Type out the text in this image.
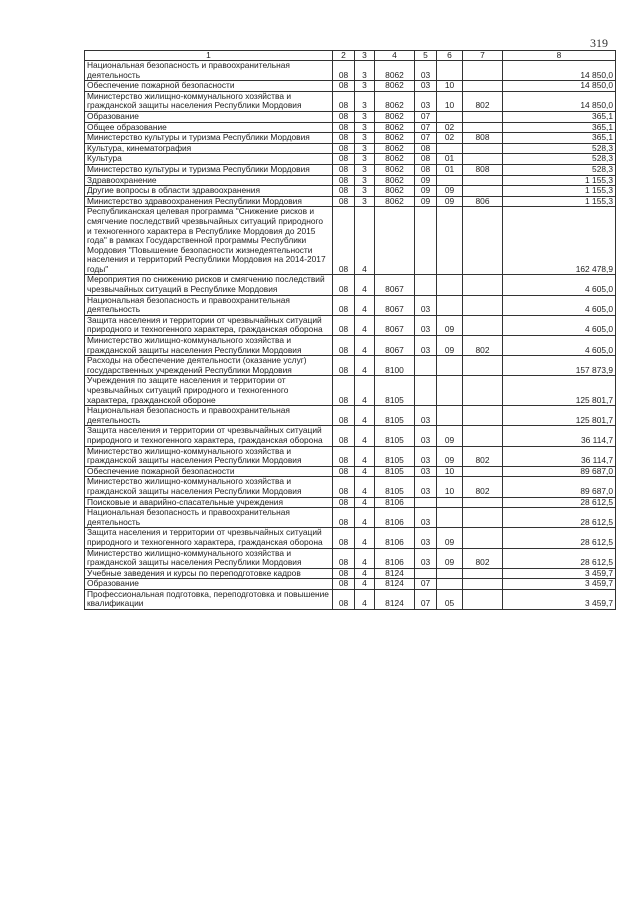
319
1	2	3	4	5	6	7	8
Национальная безопасность и правоохранительная деятельность	08	3	8062	03			14 850,0
Обеспечение пожарной безопасности	08	3	8062	03	10		14 850,0
Министерство жилищно-коммунального хозяйства и гражданской защиты населения Республики Мордовия	08	3	8062	03	10	802	14 850,0
Образование	08	3	8062	07			365,1
Общее образование	08	3	8062	07	02		365,1
Министерство культуры и туризма Республики Мордовия	08	3	8062	07	02	808	365,1
Культура, кинематография	08	3	8062	08			528,3
Культура	08	3	8062	08	01		528,3
Министерство культуры и туризма Республики Мордовия	08	3	8062	08	01	808	528,3
Здравоохранение	08	3	8062	09			1 155,3
Другие вопросы в области здравоохранения	08	3	8062	09	09		1 155,3
Министерство здравоохранения Республики Мордовия	08	3	8062	09	09	806	1 155,3
Республиканская целевая программа "Снижение рисков и смягчение последствий чрезвычайных ситуаций природного и техногенного характера в Республике Мордовия до 2015 года" в рамках Государственной программы Республики Мордовия "Повышение безопасности жизнедеятельности населения и территорий Республики Мордовия на 2014-2017 годы"	08	4					162 478,9
Мероприятия по снижению рисков и смягчению последствий чрезвычайных ситуаций в Республике Мордовия	08	4	8067				4 605,0
Национальная безопасность и правоохранительная деятельность	08	4	8067	03			4 605,0
Защита населения и территории от чрезвычайных ситуаций природного и техногенного характера, гражданская оборона	08	4	8067	03	09		4 605,0
Министерство жилищно-коммунального хозяйства и гражданской защиты населения Республики Мордовия	08	4	8067	03	09	802	4 605,0
Расходы на обеспечение деятельности (оказание услуг) государственных учреждений Республики Мордовия	08	4	8100				157 873,9
Учреждения по защите населения и территории от чрезвычайных ситуаций природного и техногенного характера, гражданской обороне	08	4	8105				125 801,7
Национальная безопасность и правоохранительная деятельность	08	4	8105	03			125 801,7
Защита населения и территории от чрезвычайных ситуаций природного и техногенного характера, гражданская оборона	08	4	8105	03	09		36 114,7
Министерство жилищно-коммунального хозяйства и гражданской защиты населения Республики Мордовия	08	4	8105	03	09	802	36 114,7
Обеспечение пожарной безопасности	08	4	8105	03	10		89 687,0
Министерство жилищно-коммунального хозяйства и гражданской защиты населения Республики Мордовия	08	4	8105	03	10	802	89 687,0
Поисковые и аварийно-спасательные учреждения	08	4	8106				28 612,5
Национальная безопасность и правоохранительная деятельность	08	4	8106	03			28 612,5
Защита населения и территории от чрезвычайных ситуаций природного и техногенного характера, гражданская оборона	08	4	8106	03	09		28 612,5
Министерство жилищно-коммунального хозяйства и гражданской защиты населения Республики Мордовия	08	4	8106	03	09	802	28 612,5
Учебные заведения и курсы по переподготовке кадров	08	4	8124				3 459,7
Образование	08	4	8124	07			3 459,7
Профессиональная подготовка, переподготовка и повышение квалификации	08	4	8124	07	05		3 459,7
